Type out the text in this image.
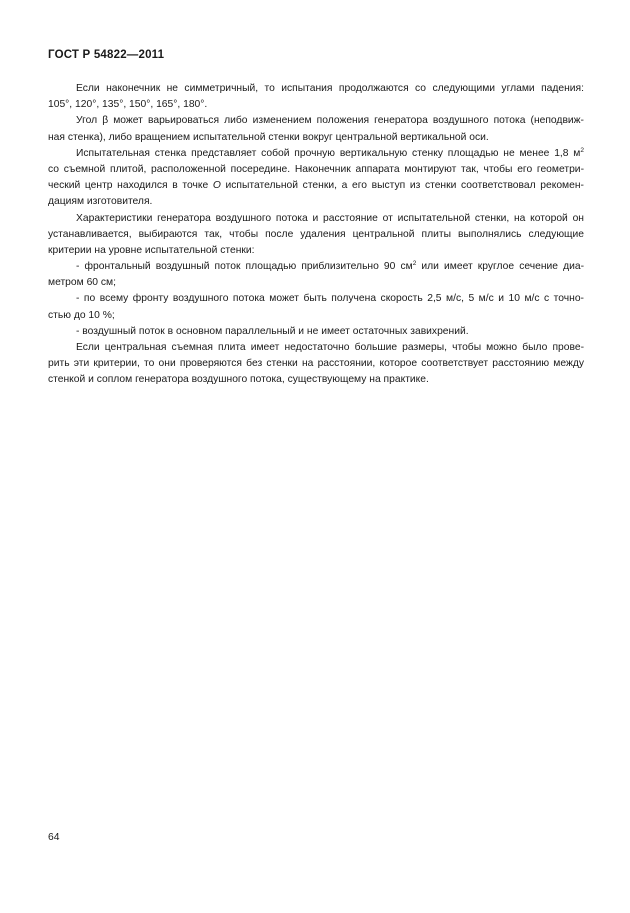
ГОСТ Р 54822—2011
Если наконечник не симметричный, то испытания продолжаются со следующими углами падения:
105°, 120°, 135°, 150°, 165°, 180°.
Угол β может варьироваться либо изменением положения генератора воздушного потока (неподвиж-
ная стенка), либо вращением испытательной стенки вокруг центральной вертикальной оси.
Испытательная стенка представляет собой прочную вертикальную стенку площадью не менее 1,8 $м^2$
со съемной плитой, расположенной посередине. Наконечник аппарата монтируют так, чтобы его геометри-
ческий центр находился в точке О испытательной стенки, а его выступ из стенки соответствовал рекомен-
дациям изготовителя.
Характеристики генератора воздушного потока и расстояние от испытательной стенки, на которой он
устанавливается, выбираются так, чтобы после удаления центральной плиты выполнялись следующие
критерии на уровне испытательной стенки:
- фронтальный воздушный поток площадью приблизительно 90 $см^2$ или имеет круглое сечение диа-
метром 60 см;
- по всему фронту воздушного потока может быть получена скорость 2,5 м/с, 5 м/с и 10 м/с с точно-
стью до 10 %;
- воздушный поток в основном параллельный и не имеет остаточных завихрений.
Если центральная съемная плита имеет недостаточно большие размеры, чтобы можно было прове-
рить эти критерии, то они проверяются без стенки на расстоянии, которое соответствует расстоянию между
стенкой и соплом генератора воздушного потока, существующему на практике.
64
